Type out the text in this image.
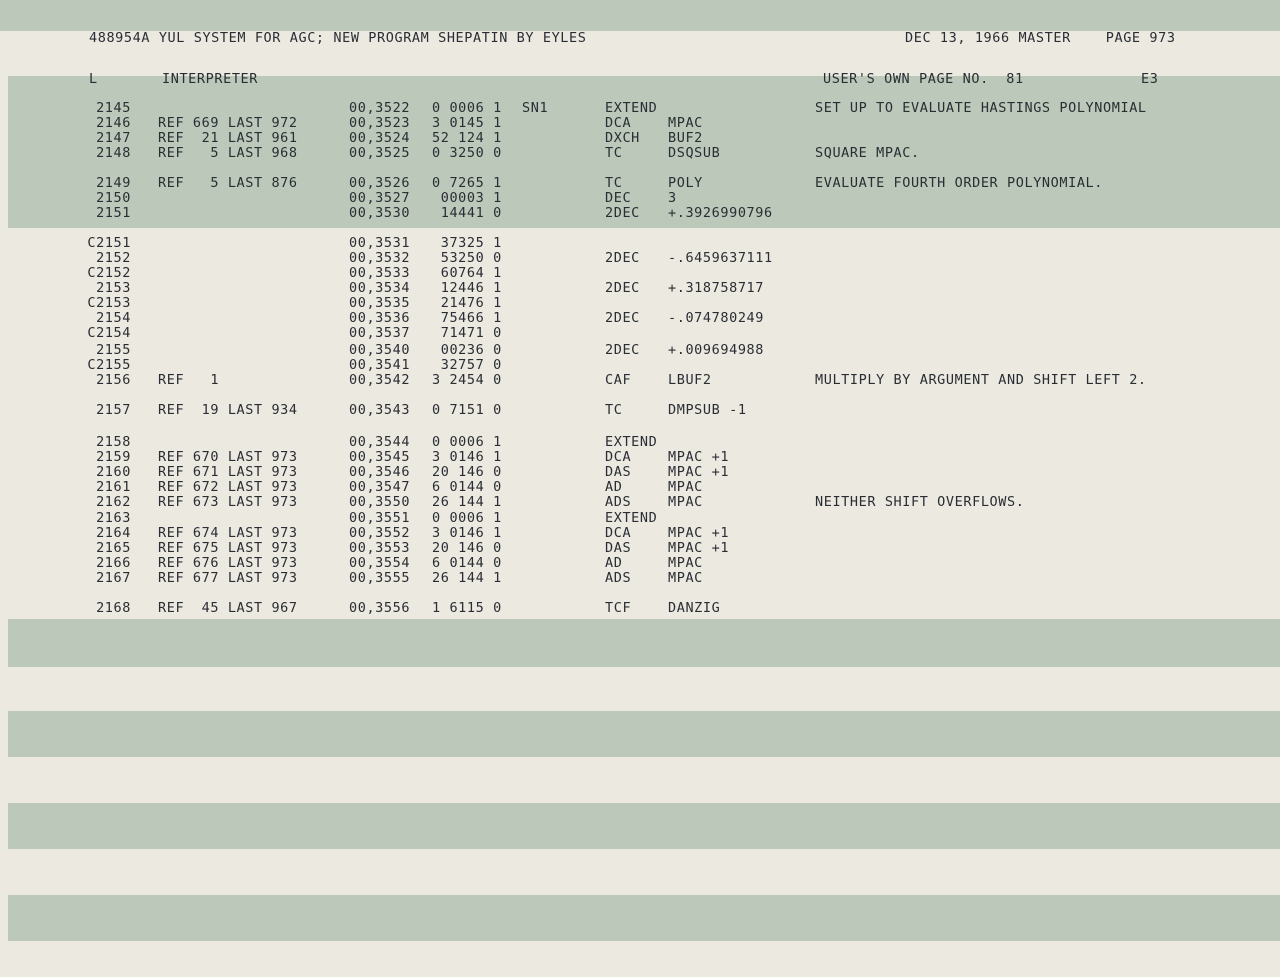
488954A YUL SYSTEM FOR AGC; NEW PROGRAM SHEPATIN BY EYLES	DEC 13, 1966 MASTER    PAGE 973
L	INTERPRETER	USER'S OWN PAGE NO.  81	E3
2145	00,3522 0 0006 1 SN1	EXTEND	SET UP TO EVALUATE HASTINGS POLYNOMIAL
2146 REF 669 LAST 972	00,3523 3 0145 1	DCA	MPAC
2147 REF  21 LAST 961	00,3524 52 124 1	DXCH BUF2
2148 REF   5 LAST 968	00,3525 0 3250 0	TC	DSQSUB	SQUARE MPAC.
2149 REF   5 LAST 876	00,3526 0 7265 1	TC	POLY	EVALUATE FOURTH ORDER POLYNOMIAL.
2150	00,3527 00003 1	DEC	3
2151	00,3530 14441 0	2DEC +.3926990796
C2151	00,3531 37325 1
2152	00,3532 53250 0	2DEC -.6459637111
C2152	00,3533 60764 1
2153	00,3534 12446 1	2DEC +.318758717
C2153	00,3535 21476 1
2154	00,3536 75466 1	2DEC -.074780249
C2154	00,3537 71471 0
2155	00,3540 00236 0	2DEC +.009694988
C2155	00,3541 32757 0
2156 REF   1	00,3542 3 2454 0	CAF	LBUF2	MULTIPLY BY ARGUMENT AND SHIFT LEFT 2.
2157 REF  19 LAST 934	00,3543 0 7151 0	TC	DMPSUB -1
2158	00,3544 0 0006 1	EXTEND
2159 REF 670 LAST 973	00,3545 3 0146 1	DCA	MPAC +1
2160 REF 671 LAST 973	00,3546 20 146 0	DAS	MPAC +1
2161 REF 672 LAST 973	00,3547 6 0144 0	AD	MPAC
2162 REF 673 LAST 973	00,3550 26 144 1	ADS	MPAC	NEITHER SHIFT OVERFLOWS.
2163	00,3551 0 0006 1	EXTEND
2164 REF 674 LAST 973	00,3552 3 0146 1	DCA	MPAC +1
2165 REF 675 LAST 973	00,3553 20 146 0	DAS	MPAC +1
2166 REF 676 LAST 973	00,3554 6 0144 0	AD	MPAC
2167 REF 677 LAST 973	00,3555 26 144 1	ADS	MPAC
2168 REF  45 LAST 967	00,3556 1 6115 0	TCF	DANZIG
